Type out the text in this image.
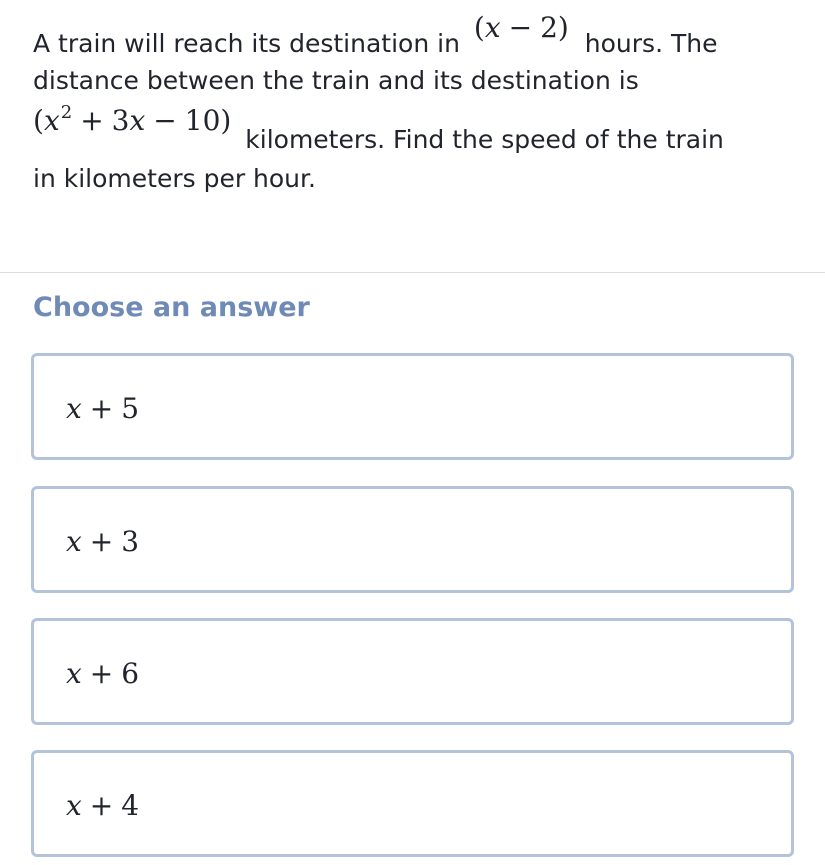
A train will reach its destination in (x − 2) hours. The
distance between the train and its destination is
$(x^2 + 3x - 10)$ kilometers. Find the speed of the train
in kilometers per hour.
Choose an answer
x + 5
x + 3
x + 6
x + 4
